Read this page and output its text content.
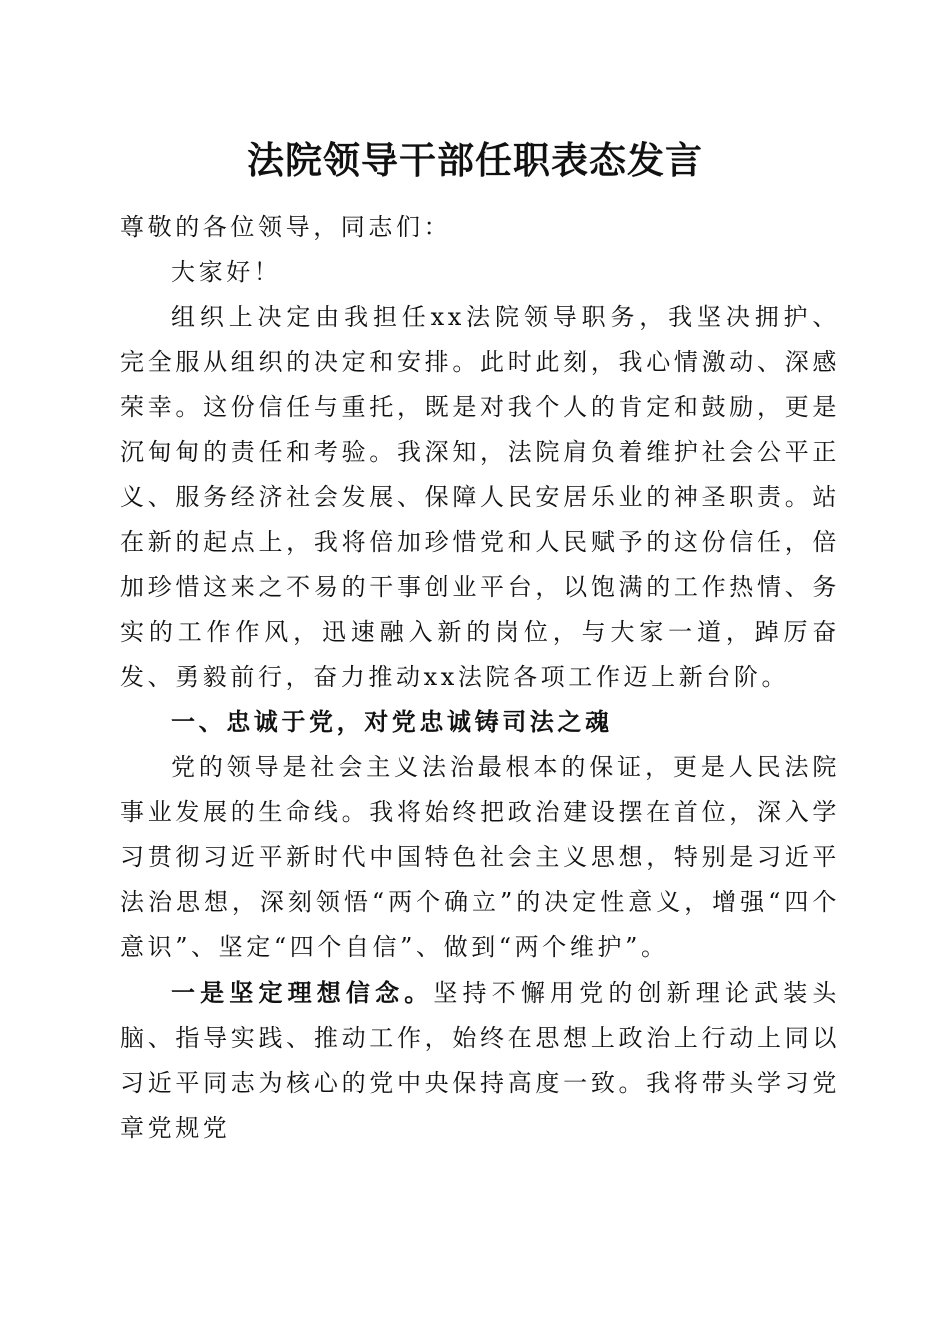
法院领导干部任职表态发言

尊敬的各位领导，同志们：

大家好！

组织上决定由我担任xx法院领导职务，我坚决拥护、完全服从组织的决定和安排。此时此刻，我心情激动、深感荣幸。这份信任与重托，既是对我个人的肯定和鼓励，更是沉甸甸的责任和考验。我深知，法院肩负着维护社会公平正义、服务经济社会发展、保障人民安居乐业的神圣职责。站在新的起点上，我将倍加珍惜党和人民赋予的这份信任，倍加珍惜这来之不易的干事创业平台，以饱满的工作热情、务实的工作作风，迅速融入新的岗位，与大家一道，踔厉奋发、勇毅前行，奋力推动xx法院各项工作迈上新台阶。

一、忠诚于党，对党忠诚铸司法之魂

党的领导是社会主义法治最根本的保证，更是人民法院事业发展的生命线。我将始终把政治建设摆在首位，深入学习贯彻习近平新时代中国特色社会主义思想，特别是习近平法治思想，深刻领悟“两个确立”的决定性意义，增强“四个意识”、坚定“四个自信”、做到“两个维护”。

一是坚定理想信念。坚持不懈用党的创新理论武装头脑、指导实践、推动工作，始终在思想上政治上行动上同以习近平同志为核心的党中央保持高度一致。我将带头学习党章党规党
